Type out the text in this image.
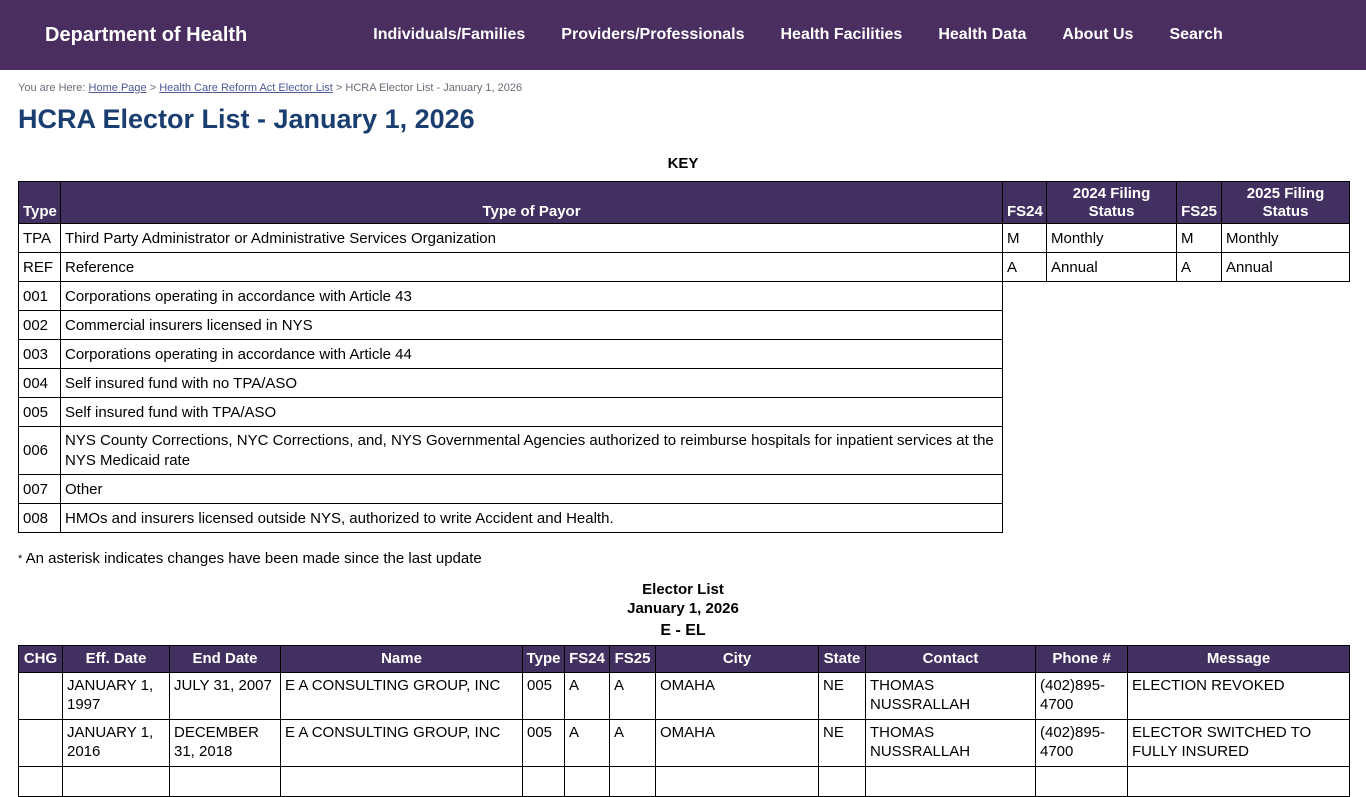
Department of Health	Individuals/Families Providers/Professionals Health Facilities Health Data About Us Search
You are Here: Home Page > Health Care Reform Act Elector List > HCRA Elector List - January 1, 2026
HCRA Elector List - January 1, 2026
KEY
Type	Type of Payor	FS24	2024 Filing Status	FS25	2025 Filing Status
TPA	Third Party Administrator or Administrative Services Organization	M	Monthly	M	Monthly
REF	Reference	A	Annual	A	Annual
001	Corporations operating in accordance with Article 43				
002	Commercial insurers licensed in NYS				
003	Corporations operating in accordance with Article 44				
004	Self insured fund with no TPA/ASO				
005	Self insured fund with TPA/ASO				
006	NYS County Corrections, NYC Corrections, and, NYS Governmental Agencies authorized to reimburse hospitals for inpatient services at the NYS Medicaid rate				
007	Other				
008	HMOs and insurers licensed outside NYS, authorized to write Accident and Health.				
* An asterisk indicates changes have been made since the last update
Elector List
January 1, 2026
E - EL
CHG	Eff. Date	End Date	Name	Type	FS24	FS25	City	State	Contact	Phone #	Message
	JANUARY 1, 1997	JULY 31, 2007	E A CONSULTING GROUP, INC	005	A	A	OMAHA	NE	THOMAS NUSSRALLAH	(402)895-4700	ELECTION REVOKED
	JANUARY 1, 2016	DECEMBER 31, 2018	E A CONSULTING GROUP, INC	005	A	A	OMAHA	NE	THOMAS NUSSRALLAH	(402)895-4700	ELECTOR SWITCHED TO FULLY INSURED
